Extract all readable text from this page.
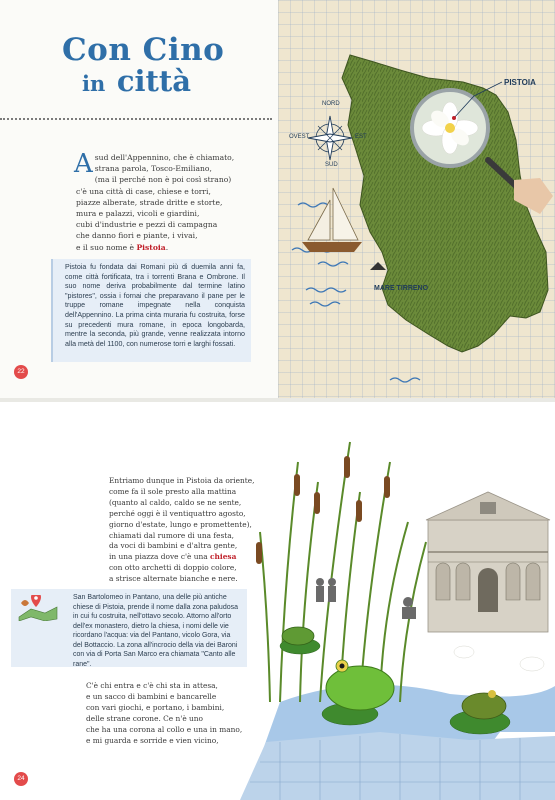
Con Cino
in città
A sud dell'Appennino, che è chiamato,
strana parola, Tosco-Emiliano,
(ma il perché non è poi così strano)
c'è una città di case, chiese e torri,
piazze alberate, strade dritte e storte,
mura e palazzi, vicoli e giardini,
cubi d'industrie e pezzi di campagna
che danno fiori e piante, i vivai,
e il suo nome è Pistoia.
Pistoia fu fondata dai Romani più di duemila anni fa, come città fortificata, tra i torrenti Brana e Ombrone. Il suo nome deriva probabilmente dal termine latino "pistores", ossia i fornai che preparavano il pane per le truppe romane impegnate nella conquista dell'Appennino. La prima cinta muraria fu costruita, forse su precedenti mura romane, in epoca longobarda, mentre la seconda, più grande, venne realizzata intorno alla metà del 1100, con numerose torri e larghi fossati.
22
PISTOIA
MARE TIRRENO
NORD
EST
SUD
OVEST
Entriamo dunque in Pistoia da oriente,
come fa il sole presto alla mattina
(quanto al caldo, caldo se ne sente,
perché oggi è il ventiquattro agosto,
giorno d'estate, lungo e promettente),
chiamati dal rumore di una festa,
da voci di bambini e d'altra gente,
in una piazza dove c'è una chiesa
con otto archetti di doppio colore,
a strisce alternate bianche e nere.
San Bartolomeo in Pantano, una delle più antiche chiese di Pistoia, prende il nome dalla zona paludosa in cui fu costruita, nell'ottavo secolo. Attorno all'orto dell'ex monastero, dietro la chiesa, i nomi delle vie ricordano l'acqua: via del Pantano, vicolo Gora, via del Bottaccio. La zona all'incrocio della via dei Baroni con via di Porta San Marco era chiamata "Canto alle rane".
C'è chi entra e c'è chi sta in attesa,
e un sacco di bambini e bancarelle
con vari giochi, e portano, i bambini,
delle strane corone. Ce n'è uno
che ha una corona al collo e una in mano,
e mi guarda e sorride e vien vicino,
24
